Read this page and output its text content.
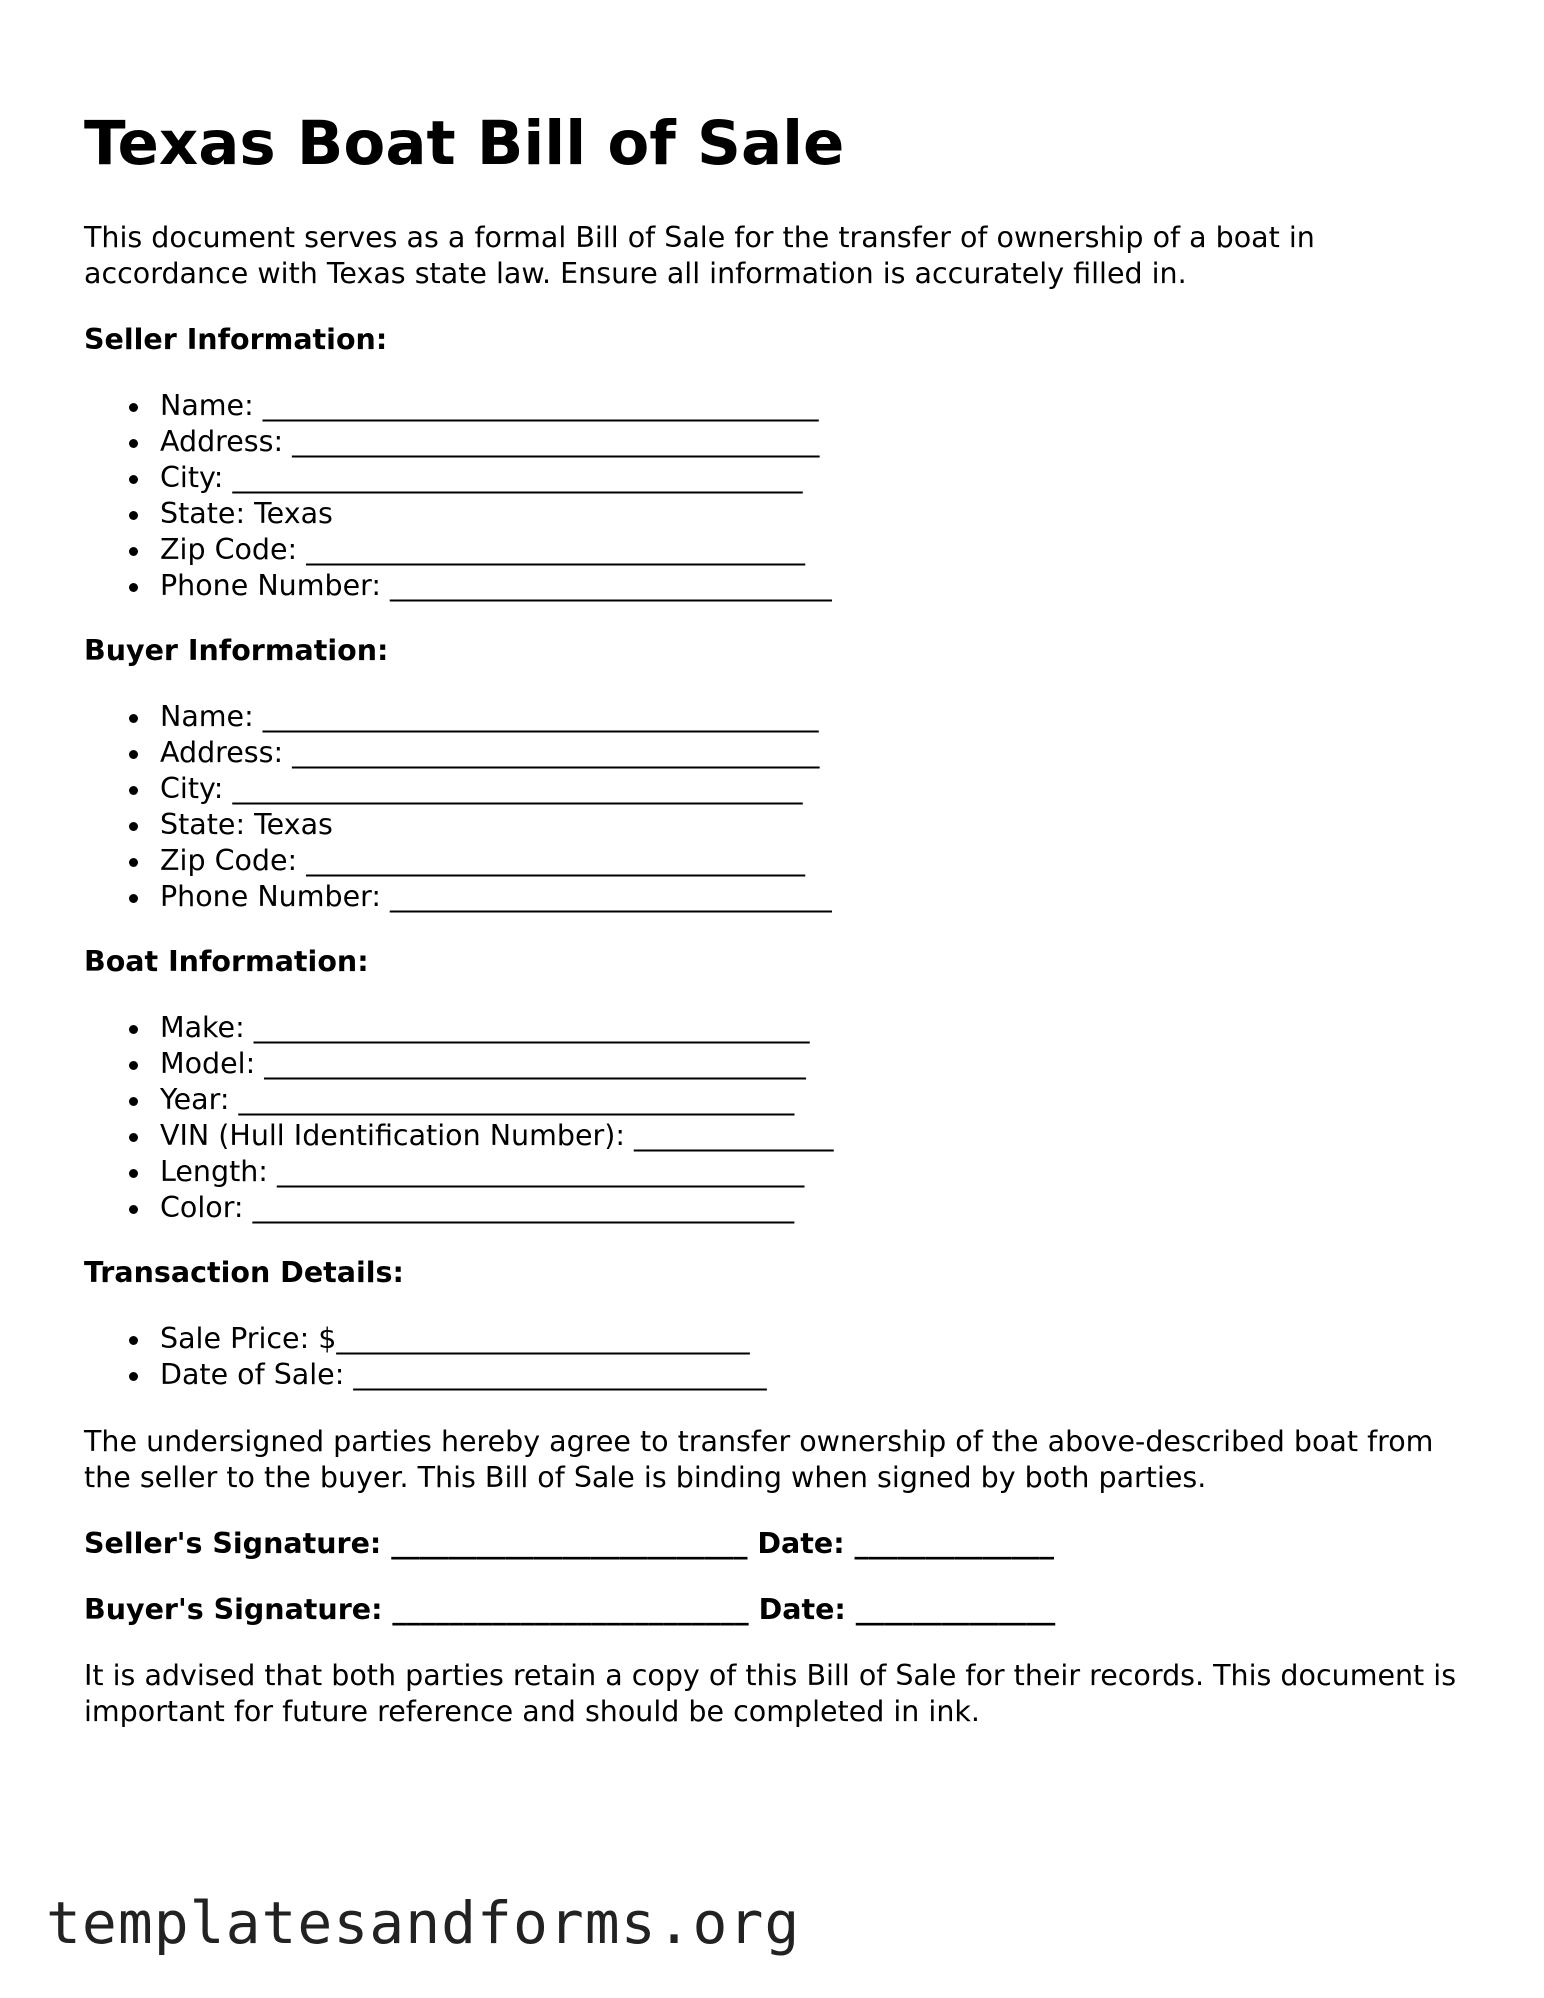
Texas Boat Bill of Sale

This document serves as a formal Bill of Sale for the transfer of ownership of a boat in accordance with Texas state law. Ensure all information is accurately filled in.

Seller Information:
Name: _______________________________________
Address: _____________________________________
City: ________________________________________
State: Texas
Zip Code: ___________________________________
Phone Number: _______________________________
Buyer Information:
Name: _______________________________________
Address: _____________________________________
City: ________________________________________
State: Texas
Zip Code: ___________________________________
Phone Number: _______________________________
Boat Information:
Make: _______________________________________
Model: ______________________________________
Year: _______________________________________
VIN (Hull Identification Number): ______________
Length: _____________________________________
Color: ______________________________________
Transaction Details:
Sale Price: $_____________________________
Date of Sale: _____________________________

The undersigned parties hereby agree to transfer ownership of the above-described boat from the seller to the buyer. This Bill of Sale is binding when signed by both parties.

Seller's Signature: _________________________ Date: ______________
Buyer's Signature: _________________________ Date: ______________

It is advised that both parties retain a copy of this Bill of Sale for their records. This document is important for future reference and should be completed in ink.

templatesandforms.org
